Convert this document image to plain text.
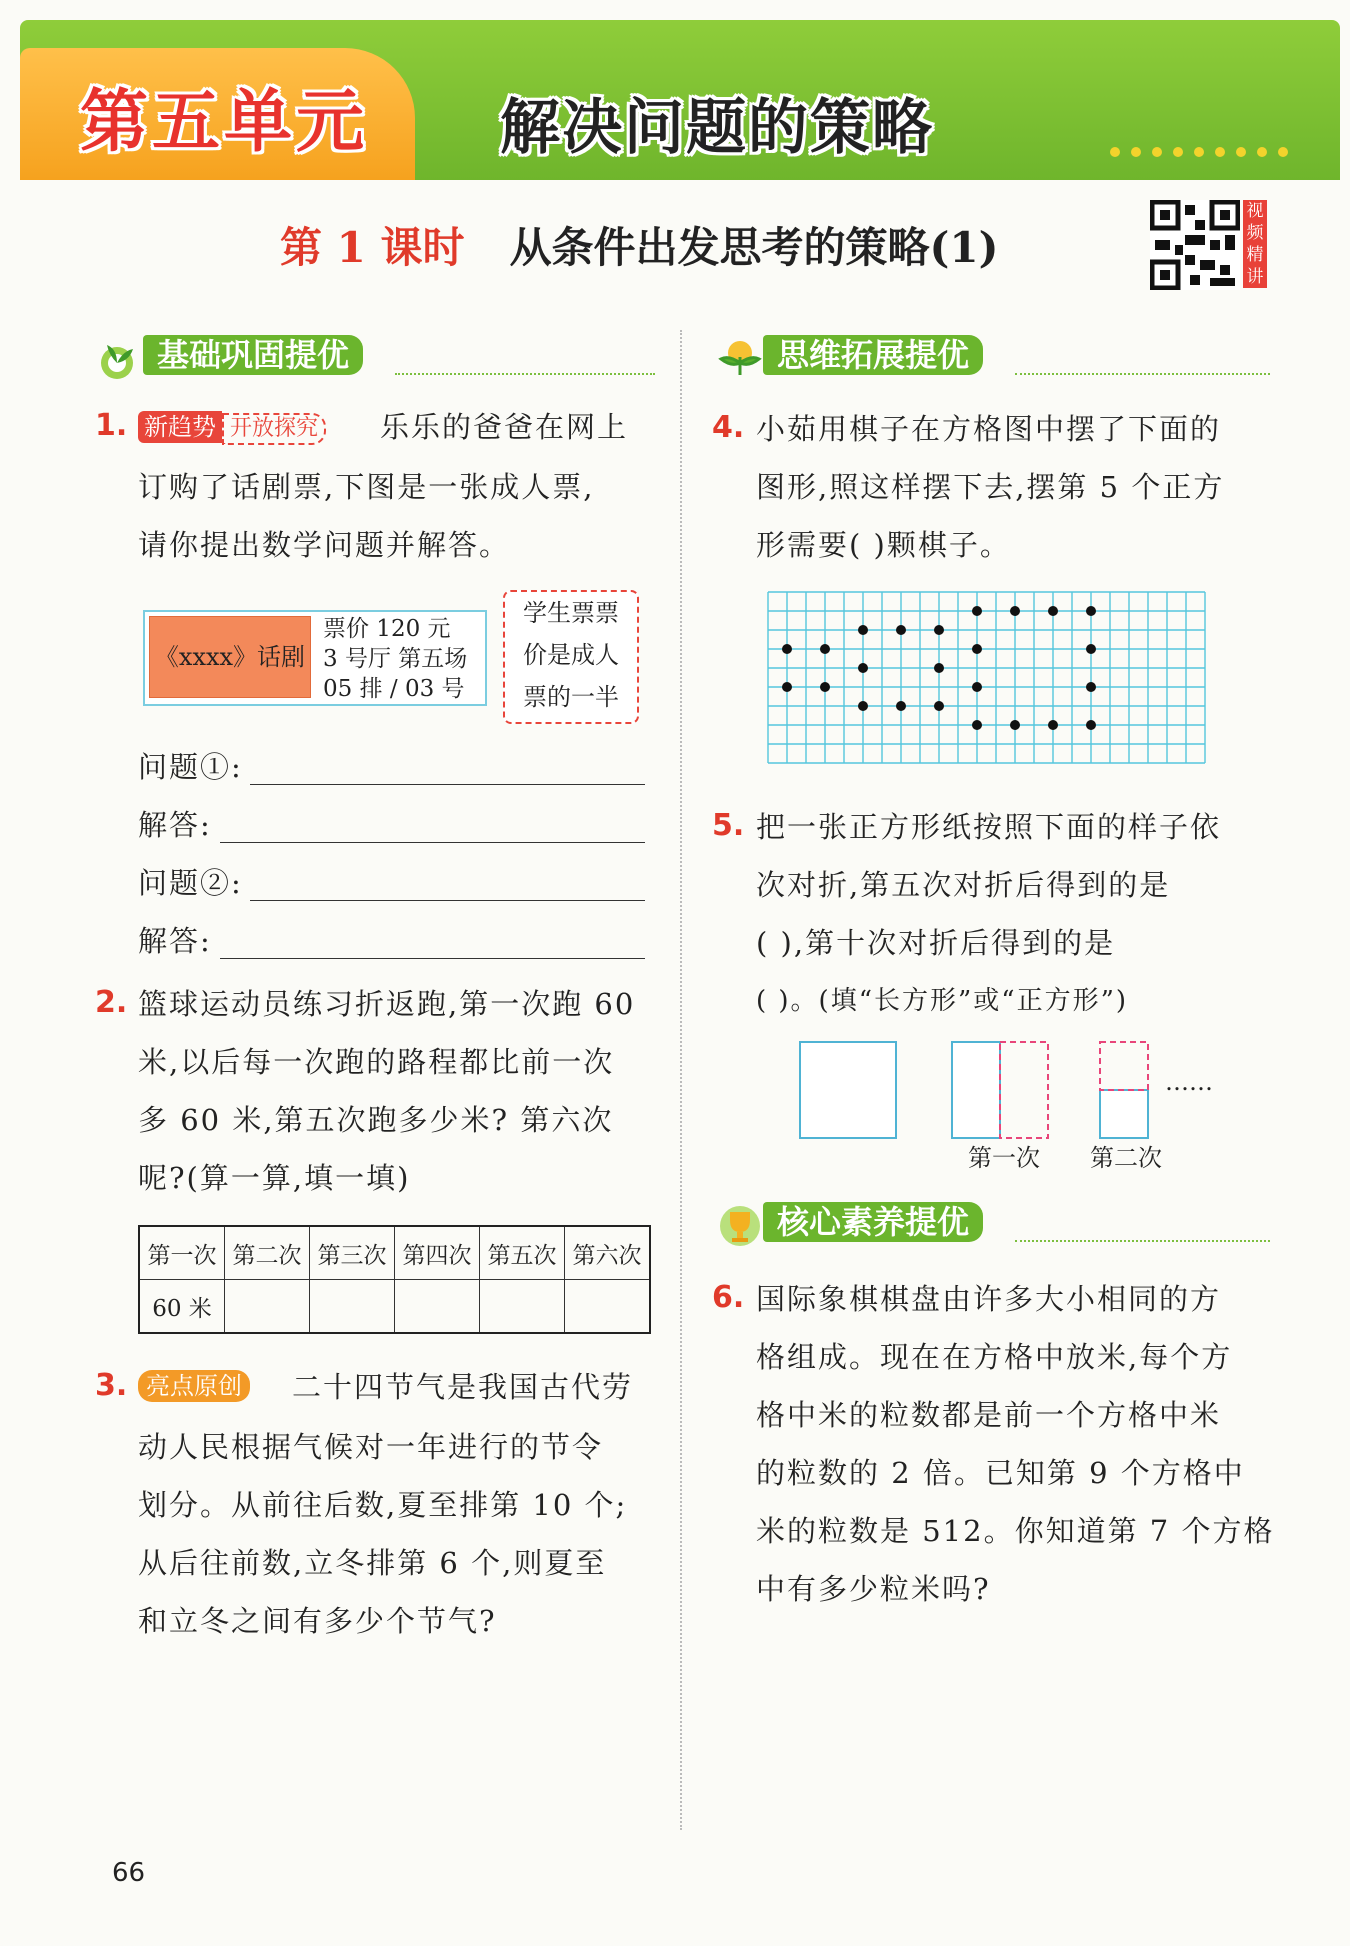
第五单元 解决问题的策略
第 1 课时 从条件出发思考的策略(1)
视频精讲
基础巩固提优
1. 新趋势 开放探究 乐乐的爸爸在网上
订购了话剧票,下图是一张成人票,
请你提出数学问题并解答。
《xxxx》话剧
票价 120 元
3 号厅 第五场
05 排 / 03 号
学生票票
价是成人
票的一半
问题①:
解答:
问题②:
解答:
2. 篮球运动员练习折返跑,第一次跑 60
米,以后每一次跑的路程都比前一次
多 60 米,第五次跑多少米? 第六次
呢?(算一算,填一填)
第一次	第二次	第三次	第四次	第五次	第六次
60 米					
3. 亮点原创 二十四节气是我国古代劳
动人民根据气候对一年进行的节令
划分。从前往后数,夏至排第 10 个;
从后往前数,立冬排第 6 个,则夏至
和立冬之间有多少个节气?
思维拓展提优
4. 小茹用棋子在方格图中摆了下面的
图形,照这样摆下去,摆第 5 个正方
形需要( )颗棋子。
5. 把一张正方形纸按照下面的样子依
次对折,第五次对折后得到的是
( ),第十次对折后得到的是
( )。(填“长方形”或“正方形”)
……
第一次 第二次
核心素养提优
6. 国际象棋棋盘由许多大小相同的方
格组成。现在在方格中放米,每个方
格中米的粒数都是前一个方格中米
的粒数的 2 倍。已知第 9 个方格中
米的粒数是 512。你知道第 7 个方格
中有多少粒米吗?
66
